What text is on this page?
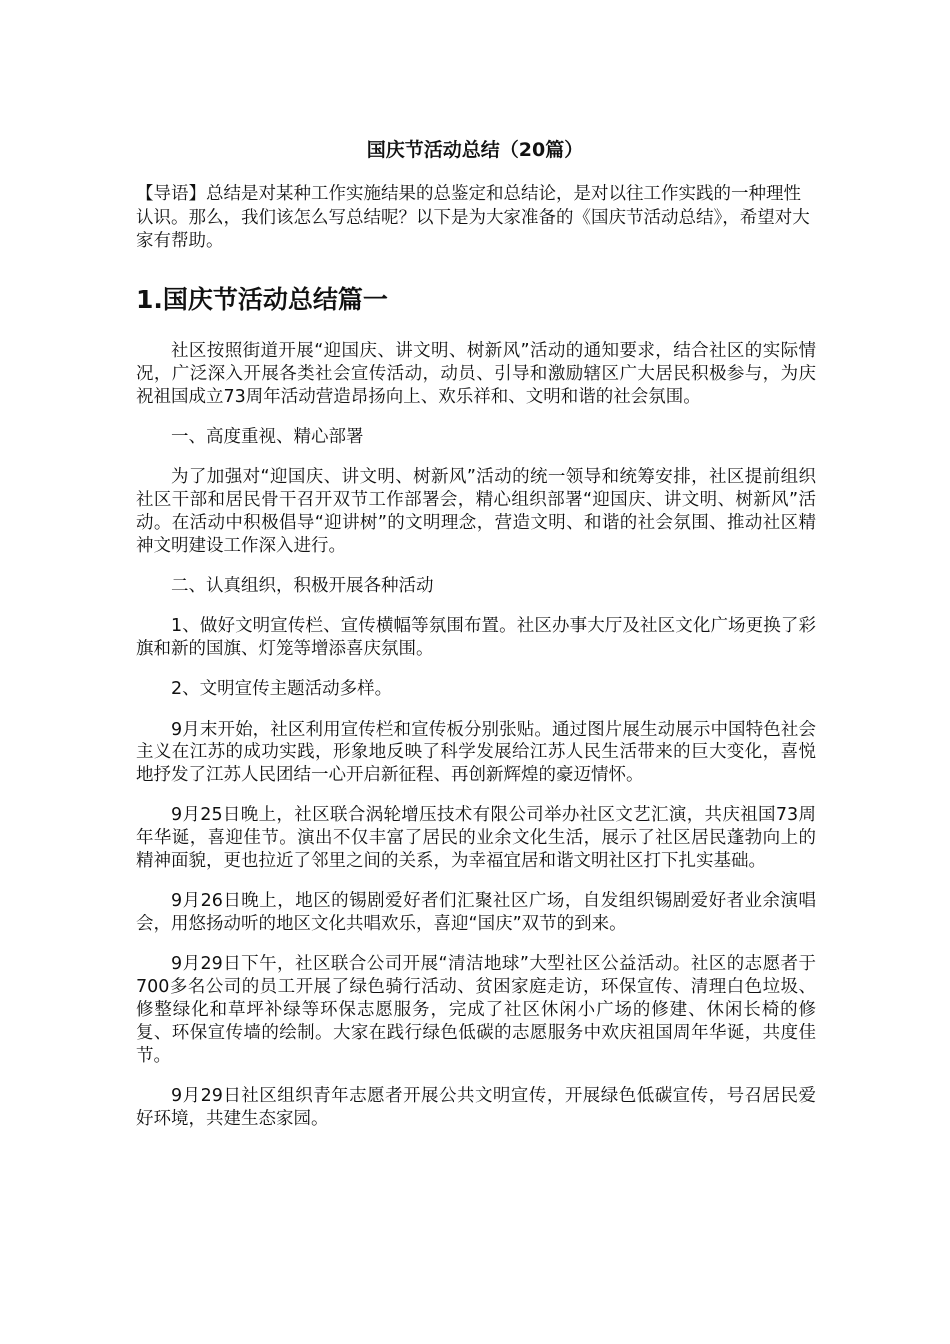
国庆节活动总结（20篇）
【导语】总结是对某种工作实施结果的总鉴定和总结论，是对以往工作实践的一种理性认识。那么，我们该怎么写总结呢？以下是为大家准备的《国庆节活动总结》，希望对大家有帮助。
1.国庆节活动总结篇一

社区按照街道开展“迎国庆、讲文明、树新风”活动的通知要求，结合社区的实际情况，广泛深入开展各类社会宣传活动，动员、引导和激励辖区广大居民积极参与，为庆祝祖国成立73周年活动营造昂扬向上、欢乐祥和、文明和谐的社会氛围。

一、高度重视、精心部署

为了加强对“迎国庆、讲文明、树新风”活动的统一领导和统筹安排，社区提前组织社区干部和居民骨干召开双节工作部署会，精心组织部署“迎国庆、讲文明、树新风”活动。在活动中积极倡导“迎讲树”的文明理念，营造文明、和谐的社会氛围、推动社区精神文明建设工作深入进行。

二、认真组织，积极开展各种活动

1、做好文明宣传栏、宣传横幅等氛围布置。社区办事大厅及社区文化广场更换了彩旗和新的国旗、灯笼等增添喜庆氛围。

2、文明宣传主题活动多样。

9月末开始，社区利用宣传栏和宣传板分别张贴。通过图片展生动展示中国特色社会主义在江苏的成功实践，形象地反映了科学发展给江苏人民生活带来的巨大变化，喜悦地抒发了江苏人民团结一心开启新征程、再创新辉煌的豪迈情怀。

9月25日晚上，社区联合涡轮增压技术有限公司举办社区文艺汇演，共庆祖国73周年华诞，喜迎佳节。演出不仅丰富了居民的业余文化生活，展示了社区居民蓬勃向上的精神面貌，更也拉近了邻里之间的关系，为幸福宜居和谐文明社区打下扎实基础。

9月26日晚上，地区的锡剧爱好者们汇聚社区广场，自发组织锡剧爱好者业余演唱会，用悠扬动听的地区文化共唱欢乐，喜迎“国庆”双节的到来。

9月29日下午，社区联合公司开展“清洁地球”大型社区公益活动。社区的志愿者于700多名公司的员工开展了绿色骑行活动、贫困家庭走访，环保宣传、清理白色垃圾、修整绿化和草坪补绿等环保志愿服务，完成了社区休闲小广场的修建、休闲长椅的修复、环保宣传墙的绘制。大家在践行绿色低碳的志愿服务中欢庆祖国周年华诞，共度佳节。

9月29日社区组织青年志愿者开展公共文明宣传，开展绿色低碳宣传，号召居民爱好环境，共建生态家园。
